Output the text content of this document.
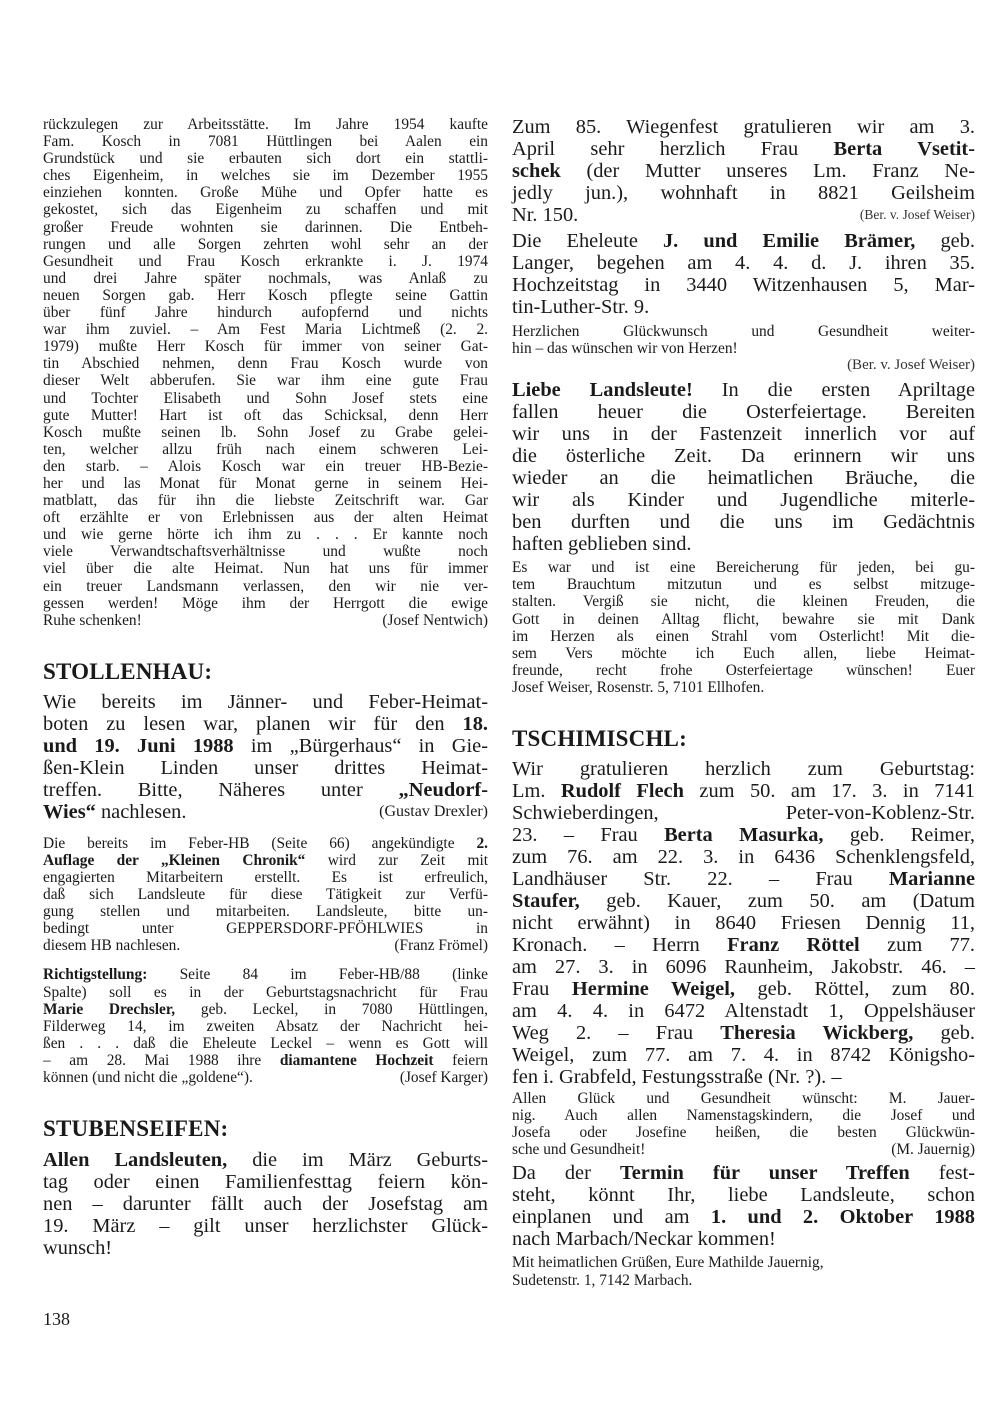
rückzulegen zur Arbeitsstätte. Im Jahre 1954 kaufte
Fam. Kosch in 7081 Hüttlingen bei Aalen ein
Grundstück und sie erbauten sich dort ein stattli-
ches Eigenheim, in welches sie im Dezember 1955
einziehen konnten. Große Mühe und Opfer hatte es
gekostet, sich das Eigenheim zu schaffen und mit
großer Freude wohnten sie darinnen. Die Entbeh-
rungen und alle Sorgen zehrten wohl sehr an der
Gesundheit und Frau Kosch erkrankte i. J. 1974
und drei Jahre später nochmals, was Anlaß zu
neuen Sorgen gab. Herr Kosch pflegte seine Gattin
über fünf Jahre hindurch aufopfernd und nichts
war ihm zuviel. – Am Fest Maria Lichtmeß (2. 2.
1979) mußte Herr Kosch für immer von seiner Gat-
tin Abschied nehmen, denn Frau Kosch wurde von
dieser Welt abberufen. Sie war ihm eine gute Frau
und Tochter Elisabeth und Sohn Josef stets eine
gute Mutter! Hart ist oft das Schicksal, denn Herr
Kosch mußte seinen lb. Sohn Josef zu Grabe gelei-
ten, welcher allzu früh nach einem schweren Lei-
den starb. – Alois Kosch war ein treuer HB-Bezie-
her und las Monat für Monat gerne in seinem Hei-
matblatt, das für ihn die liebste Zeitschrift war. Gar
oft erzählte er von Erlebnissen aus der alten Heimat
und wie gerne hörte ich ihm zu . . . Er kannte noch
viele Verwandtschaftsverhältnisse und wußte noch
viel über die alte Heimat. Nun hat uns für immer
ein treuer Landsmann verlassen, den wir nie ver-
gessen werden! Möge ihm der Herrgott die ewige
Ruhe schenken!	(Josef Nentwich)
STOLLENHAU:
Wie bereits im Jänner- und Feber-Heimat-
boten zu lesen war, planen wir für den 18.
und 19. Juni 1988 im „Bürgerhaus“ in Gie-
ßen-Klein Linden unser drittes Heimat-
treffen. Bitte, Näheres unter „Neudorf-
Wies“ nachlesen.	(Gustav Drexler)
Die bereits im Feber-HB (Seite 66) angekündigte 2.
Auflage der „Kleinen Chronik“ wird zur Zeit mit
engagierten Mitarbeitern erstellt. Es ist erfreulich,
daß sich Landsleute für diese Tätigkeit zur Verfü-
gung stellen und mitarbeiten. Landsleute, bitte un-
bedingt unter GEPPERSDORF-PFÖHLWIES in
diesem HB nachlesen.	(Franz Frömel)
Richtigstellung: Seite 84 im Feber-HB/88 (linke
Spalte) soll es in der Geburtstagsnachricht für Frau
Marie Drechsler, geb. Leckel, in 7080 Hüttlingen,
Filderweg 14, im zweiten Absatz der Nachricht hei-
ßen . . . daß die Eheleute Leckel – wenn es Gott will
– am 28. Mai 1988 ihre diamantene Hochzeit feiern
können (und nicht die „goldene“).	(Josef Karger)
STUBENSEIFEN:
Allen Landsleuten, die im März Geburts-
tag oder einen Familienfesttag feiern kön-
nen – darunter fällt auch der Josefstag am
19. März – gilt unser herzlichster Glück-
wunsch!
138
Zum 85. Wiegenfest gratulieren wir am 3.
April sehr herzlich Frau Berta Vsetit-
schek (der Mutter unseres Lm. Franz Ne-
jedly jun.), wohnhaft in 8821 Geilsheim
Nr. 150.	(Ber. v. Josef Weiser)
Die Eheleute J. und Emilie Brämer, geb.
Langer, begehen am 4. 4. d. J. ihren 35.
Hochzeitstag in 3440 Witzenhausen 5, Mar-
tin-Luther-Str. 9.
Herzlichen Glückwunsch und Gesundheit weiter-
hin – das wünschen wir von Herzen!
(Ber. v. Josef Weiser)
Liebe Landsleute! In die ersten Apriltage
fallen heuer die Osterfeiertage. Bereiten
wir uns in der Fastenzeit innerlich vor auf
die österliche Zeit. Da erinnern wir uns
wieder an die heimatlichen Bräuche, die
wir als Kinder und Jugendliche miterle-
ben durften und die uns im Gedächtnis
haften geblieben sind.
Es war und ist eine Bereicherung für jeden, bei gu-
tem Brauchtum mitzutun und es selbst mitzuge-
stalten. Vergiß sie nicht, die kleinen Freuden, die
Gott in deinen Alltag flicht, bewahre sie mit Dank
im Herzen als einen Strahl vom Osterlicht! Mit die-
sem Vers möchte ich Euch allen, liebe Heimat-
freunde, recht frohe Osterfeiertage wünschen! Euer
Josef Weiser, Rosenstr. 5, 7101 Ellhofen.
TSCHIMISCHL:
Wir gratulieren herzlich zum Geburtstag:
Lm. Rudolf Flech zum 50. am 17. 3. in 7141
Schwieberdingen, Peter-von-Koblenz-Str.
23. – Frau Berta Masurka, geb. Reimer,
zum 76. am 22. 3. in 6436 Schenklengsfeld,
Landhäuser Str. 22. – Frau Marianne
Staufer, geb. Kauer, zum 50. am (Datum
nicht erwähnt) in 8640 Friesen Dennig 11,
Kronach. – Herrn Franz Röttel zum 77.
am 27. 3. in 6096 Raunheim, Jakobstr. 46. –
Frau Hermine Weigel, geb. Röttel, zum 80.
am 4. 4. in 6472 Altenstadt 1, Oppelshäuser
Weg 2. – Frau Theresia Wickberg, geb.
Weigel, zum 77. am 7. 4. in 8742 Königsho-
fen i. Grabfeld, Festungsstraße (Nr. ?). –
Allen Glück und Gesundheit wünscht: M. Jauer-
nig. Auch allen Namenstagskindern, die Josef und
Josefa oder Josefine heißen, die besten Glückwün-
sche und Gesundheit!	(M. Jauernig)
Da der Termin für unser Treffen fest-
steht, könnt Ihr, liebe Landsleute, schon
einplanen und am 1. und 2. Oktober 1988
nach Marbach/Neckar kommen!
Mit heimatlichen Grüßen, Eure Mathilde Jauernig,
Sudetenstr. 1, 7142 Marbach.
